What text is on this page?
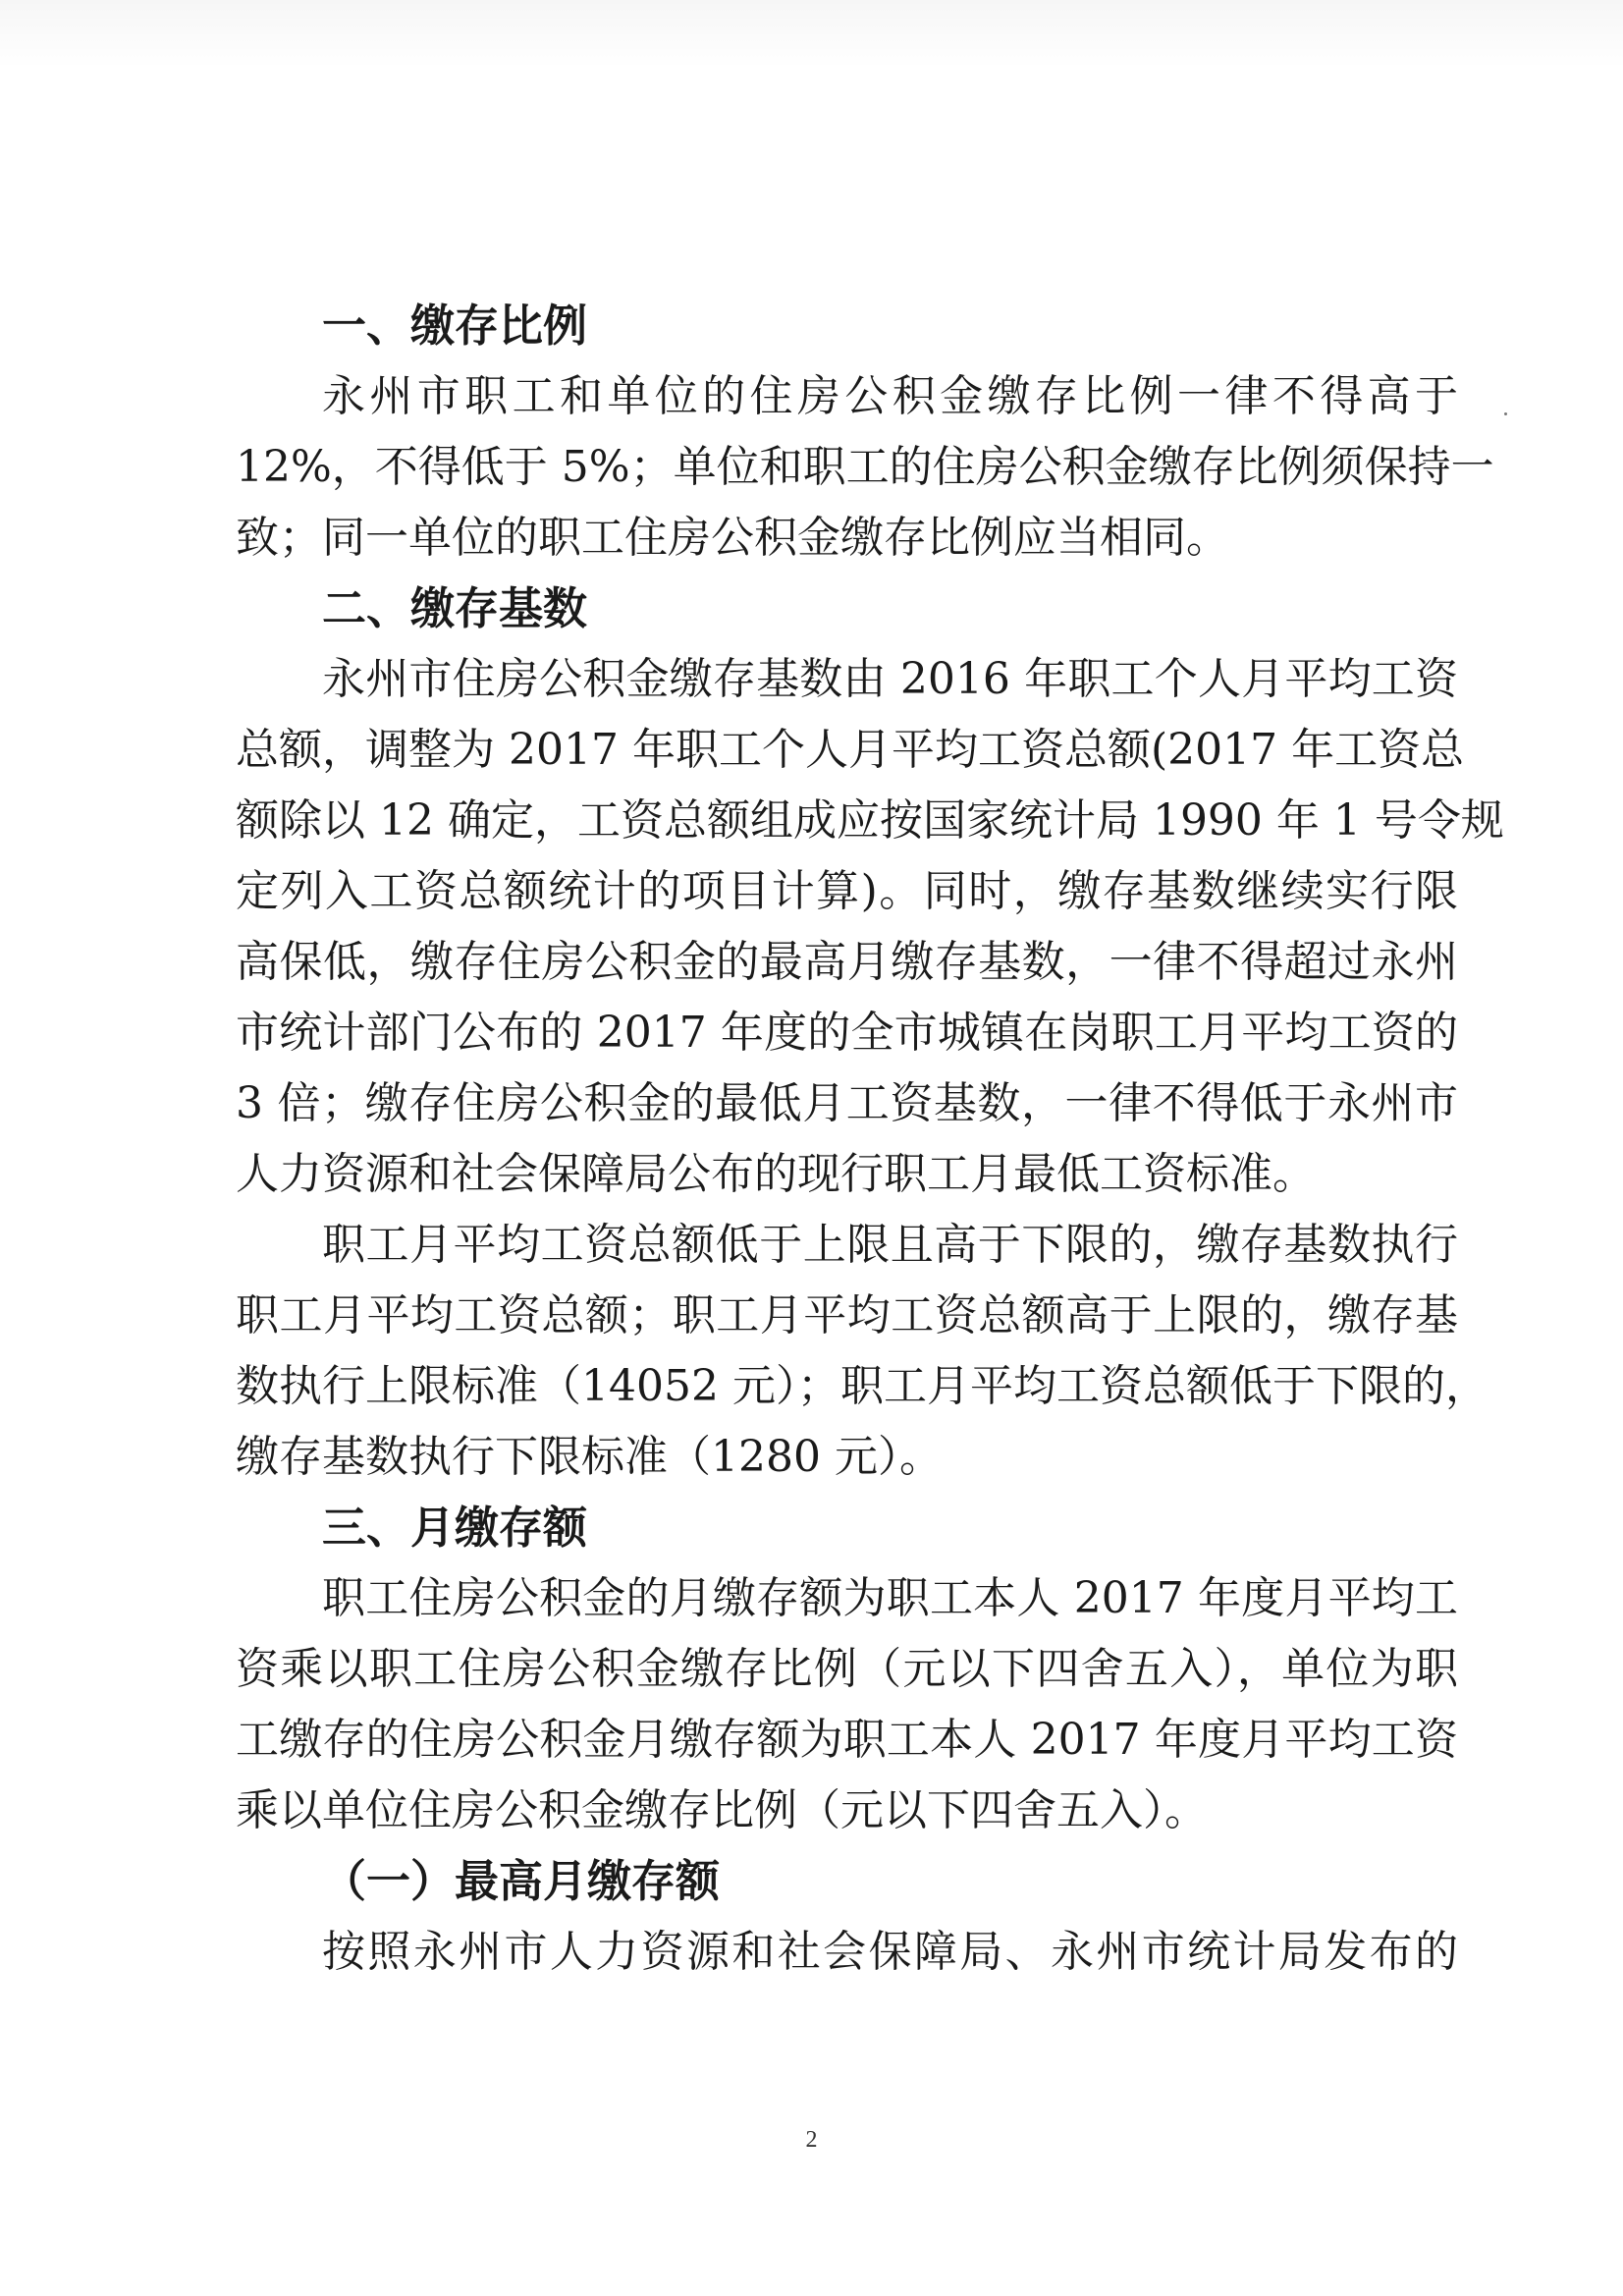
一、缴存比例
永州市职工和单位的住房公积金缴存比例一律不得高于
12%，不得低于 5%；单位和职工的住房公积金缴存比例须保持一
致；同一单位的职工住房公积金缴存比例应当相同。
二、缴存基数
永州市住房公积金缴存基数由 2016 年职工个人月平均工资
总额，调整为 2017 年职工个人月平均工资总额(2017 年工资总
额除以 12 确定，工资总额组成应按国家统计局 1990 年 1 号令规
定列入工资总额统计的项目计算)。同时，缴存基数继续实行限
高保低，缴存住房公积金的最高月缴存基数，一律不得超过永州
市统计部门公布的 2017 年度的全市城镇在岗职工月平均工资的
3 倍；缴存住房公积金的最低月工资基数，一律不得低于永州市
人力资源和社会保障局公布的现行职工月最低工资标准。
职工月平均工资总额低于上限且高于下限的，缴存基数执行
职工月平均工资总额；职工月平均工资总额高于上限的，缴存基
数执行上限标准（14052 元）；职工月平均工资总额低于下限的，
缴存基数执行下限标准（1280 元）。
三、月缴存额
职工住房公积金的月缴存额为职工本人 2017 年度月平均工
资乘以职工住房公积金缴存比例（元以下四舍五入），单位为职
工缴存的住房公积金月缴存额为职工本人 2017 年度月平均工资
乘以单位住房公积金缴存比例（元以下四舍五入）。
（一）最高月缴存额
按照永州市人力资源和社会保障局、永州市统计局发布的
2
